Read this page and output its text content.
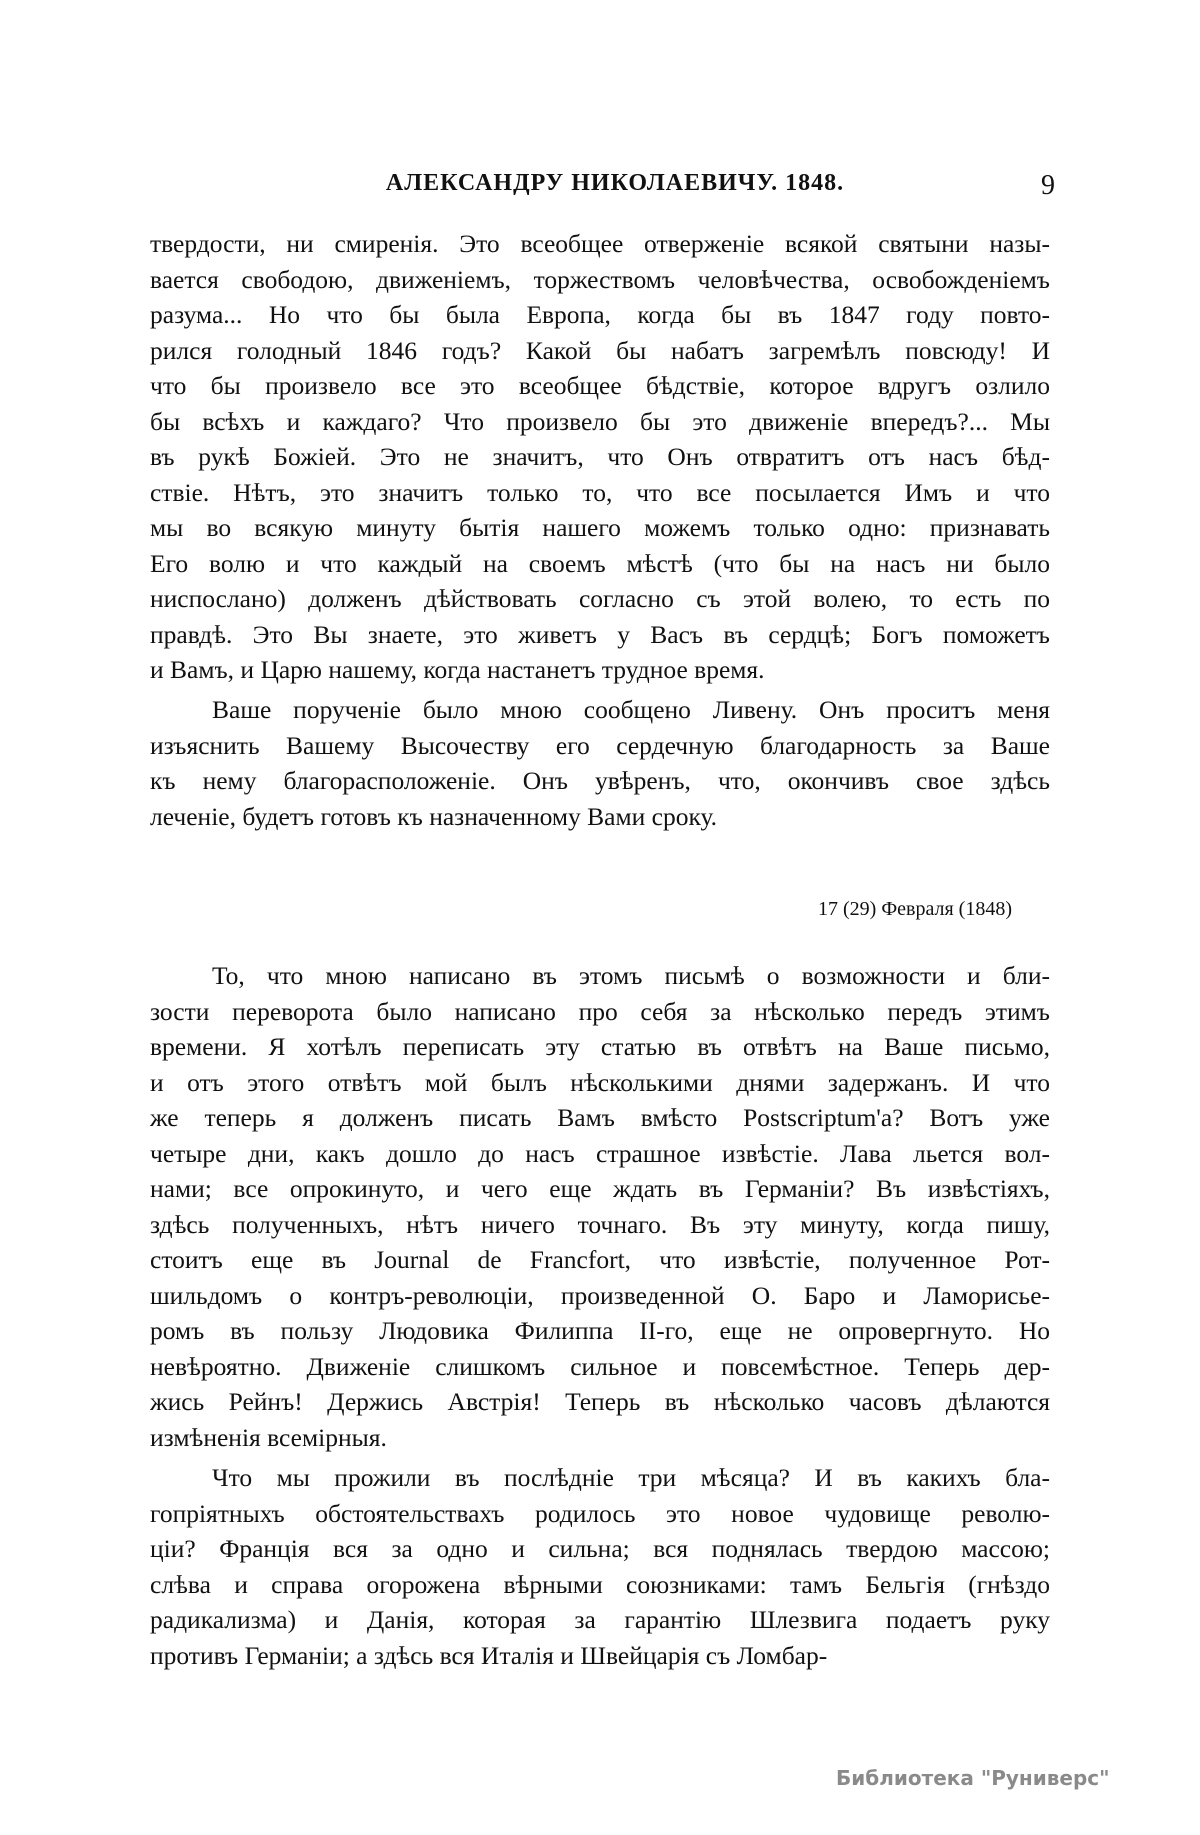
АЛЕКСАНДРУ НИКОЛАЕВИЧУ. 1848.	9
твердости, ни смиренія. Это всеобщее отверженіе всякой святыни назы-
вается свободою, движеніемъ, торжествомъ человѣчества, освобожденіемъ
разума... Но что бы была Европа, когда бы въ 1847 году повто-
рился голодный 1846 годъ? Какой бы набатъ загремѣлъ повсюду! И
что бы произвело все это всеобщее бѣдствіе, которое вдругъ озлило
бы всѣхъ и каждаго? Что произвело бы это движеніе впередъ?... Мы
въ рукѣ Божіей. Это не значитъ, что Онъ отвратитъ отъ насъ бѣд-
ствіе. Нѣтъ, это значитъ только то, что все посылается Имъ и что
мы во всякую минуту бытія нашего можемъ только одно: признавать
Его волю и что каждый на своемъ мѣстѣ (что бы на насъ ни было
ниспослано) долженъ дѣйствовать согласно съ этой волею, то есть по
правдѣ. Это Вы знаете, это живетъ у Васъ въ сердцѣ; Богъ поможетъ
и Вамъ, и Царю нашему, когда настанетъ трудное время.
Ваше порученіе было мною сообщено Ливену. Онъ проситъ меня
изъяснить Вашему Высочеству его сердечную благодарность за Ваше
къ нему благорасположеніе. Онъ увѣренъ, что, окончивъ свое здѣсь
леченіе, будетъ готовъ къ назначенному Вами сроку.
17 (29) Февраля (1848)
То, что мною написано въ этомъ письмѣ о возможности и бли-
зости переворота было написано про себя за нѣсколько передъ этимъ
времени. Я хотѣлъ переписать эту статью въ отвѣтъ на Ваше письмо,
и отъ этого отвѣтъ мой былъ нѣсколькими днями задержанъ. И что
же теперь я долженъ писать Вамъ вмѣсто Postscriptum'а? Вотъ уже
четыре дни, какъ дошло до насъ страшное извѣстіе. Лава льется вол-
нами; все опрокинуто, и чего еще ждать въ Германіи? Въ извѣстіяхъ,
здѣсь полученныхъ, нѣтъ ничего точнаго. Въ эту минуту, когда пишу,
стоитъ еще въ Journal de Francfort, что извѣстіе, полученное Рот-
шильдомъ о контръ-революціи, произведенной О. Баро и Ламорисье-
ромъ въ пользу Людовика Филиппа II-го, еще не опровергнуто. Но
невѣроятно. Движеніе слишкомъ сильное и повсемѣстное. Теперь дер-
жись Рейнъ! Держись Австрія! Теперь въ нѣсколько часовъ дѣлаются
измѣненія всемірныя.
Что мы прожили въ послѣдніе три мѣсяца? И въ какихъ бла-
гопріятныхъ обстоятельствахъ родилось это новое чудовище револю-
ціи? Франція вся за одно и сильна; вся поднялась твердою массою;
слѣва и справа огорожена вѣрными союзниками: тамъ Бельгія (гнѣздо
радикализма) и Данія, которая за гарантію Шлезвига подаетъ руку
противъ Германіи; а здѣсь вся Италія и Швейцарія съ Ломбар-
Библиотека "Руниверс"
